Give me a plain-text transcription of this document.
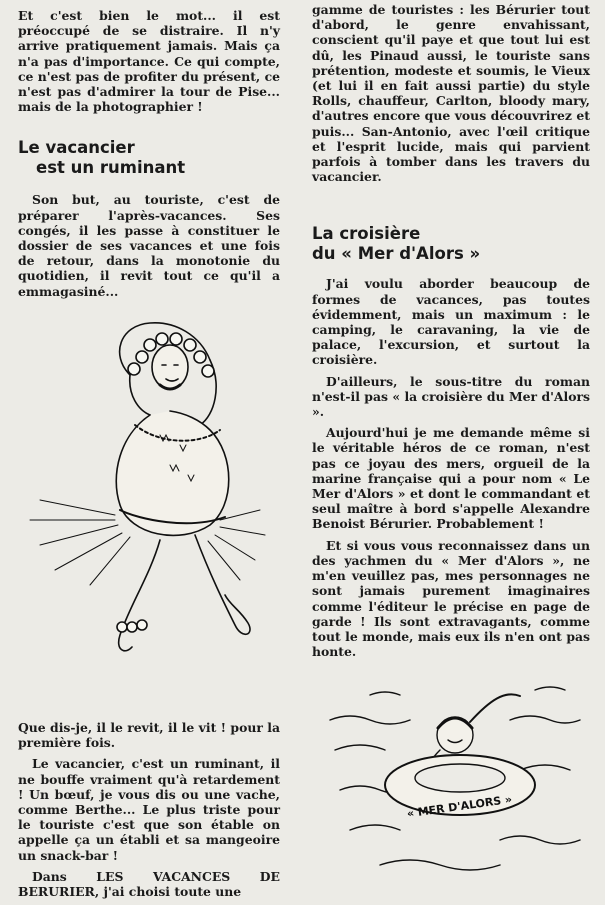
Et c'est bien le mot... il est préoccupé de se distraire. Il n'y arrive pratiquement jamais. Mais ça n'a pas d'importance. Ce qui compte, ce n'est pas de profiter du présent, ce n'est pas d'admirer la tour de Pise... mais de la photographier !

Le vacancier
est un ruminant

Son but, au touriste, c'est de préparer l'après-vacances. Ses congés, il les passe à constituer le dossier de ses vacances et une fois de retour, dans la monotonie du quotidien, il revit tout ce qu'il a emmagasiné...

Que dis-je, il le revit, il le vit ! pour la première fois.

Le vacancier, c'est un ruminant, il ne bouffe vraiment qu'à retardement ! Un bœuf, je vous dis ou une vache, comme Berthe... Le plus triste pour le touriste c'est que son étable on appelle ça un établi et sa mangeoire un snack-bar !

Dans LES VACANCES DE BERURIER, j'ai choisi toute une

gamme de touristes : les Bérurier tout d'abord, le genre envahissant, conscient qu'il paye et que tout lui est dû, les Pinaud aussi, le touriste sans prétention, modeste et soumis, le Vieux (et lui il en fait aussi partie) du style Rolls, chauffeur, Carlton, bloody mary, d'autres encore que vous découvrirez et puis... San-Antonio, avec l'œil critique et l'esprit lucide, mais qui parvient parfois à tomber dans les travers du vacancier.

La croisière
du « Mer d'Alors »

J'ai voulu aborder beaucoup de formes de vacances, pas toutes évidemment, mais un maximum : le camping, le caravaning, la vie de palace, l'excursion, et surtout la croisière.

D'ailleurs, le sous-titre du roman n'est-il pas « la croisière du Mer d'Alors ».

Aujourd'hui je me demande même si le véritable héros de ce roman, n'est pas ce joyau des mers, orgueil de la marine française qui a pour nom « Le Mer d'Alors » et dont le commandant et seul maître à bord s'appelle Alexandre Benoist Bérurier. Probablement !

Et si vous vous reconnaissez dans un des yachmen du « Mer d'Alors », ne m'en veuillez pas, mes personnages ne sont jamais purement imaginaires comme l'éditeur le précise en page de garde ! Ils sont extravagants, comme tout le monde, mais eux ils n'en ont pas honte.

« MER D'ALORS »
